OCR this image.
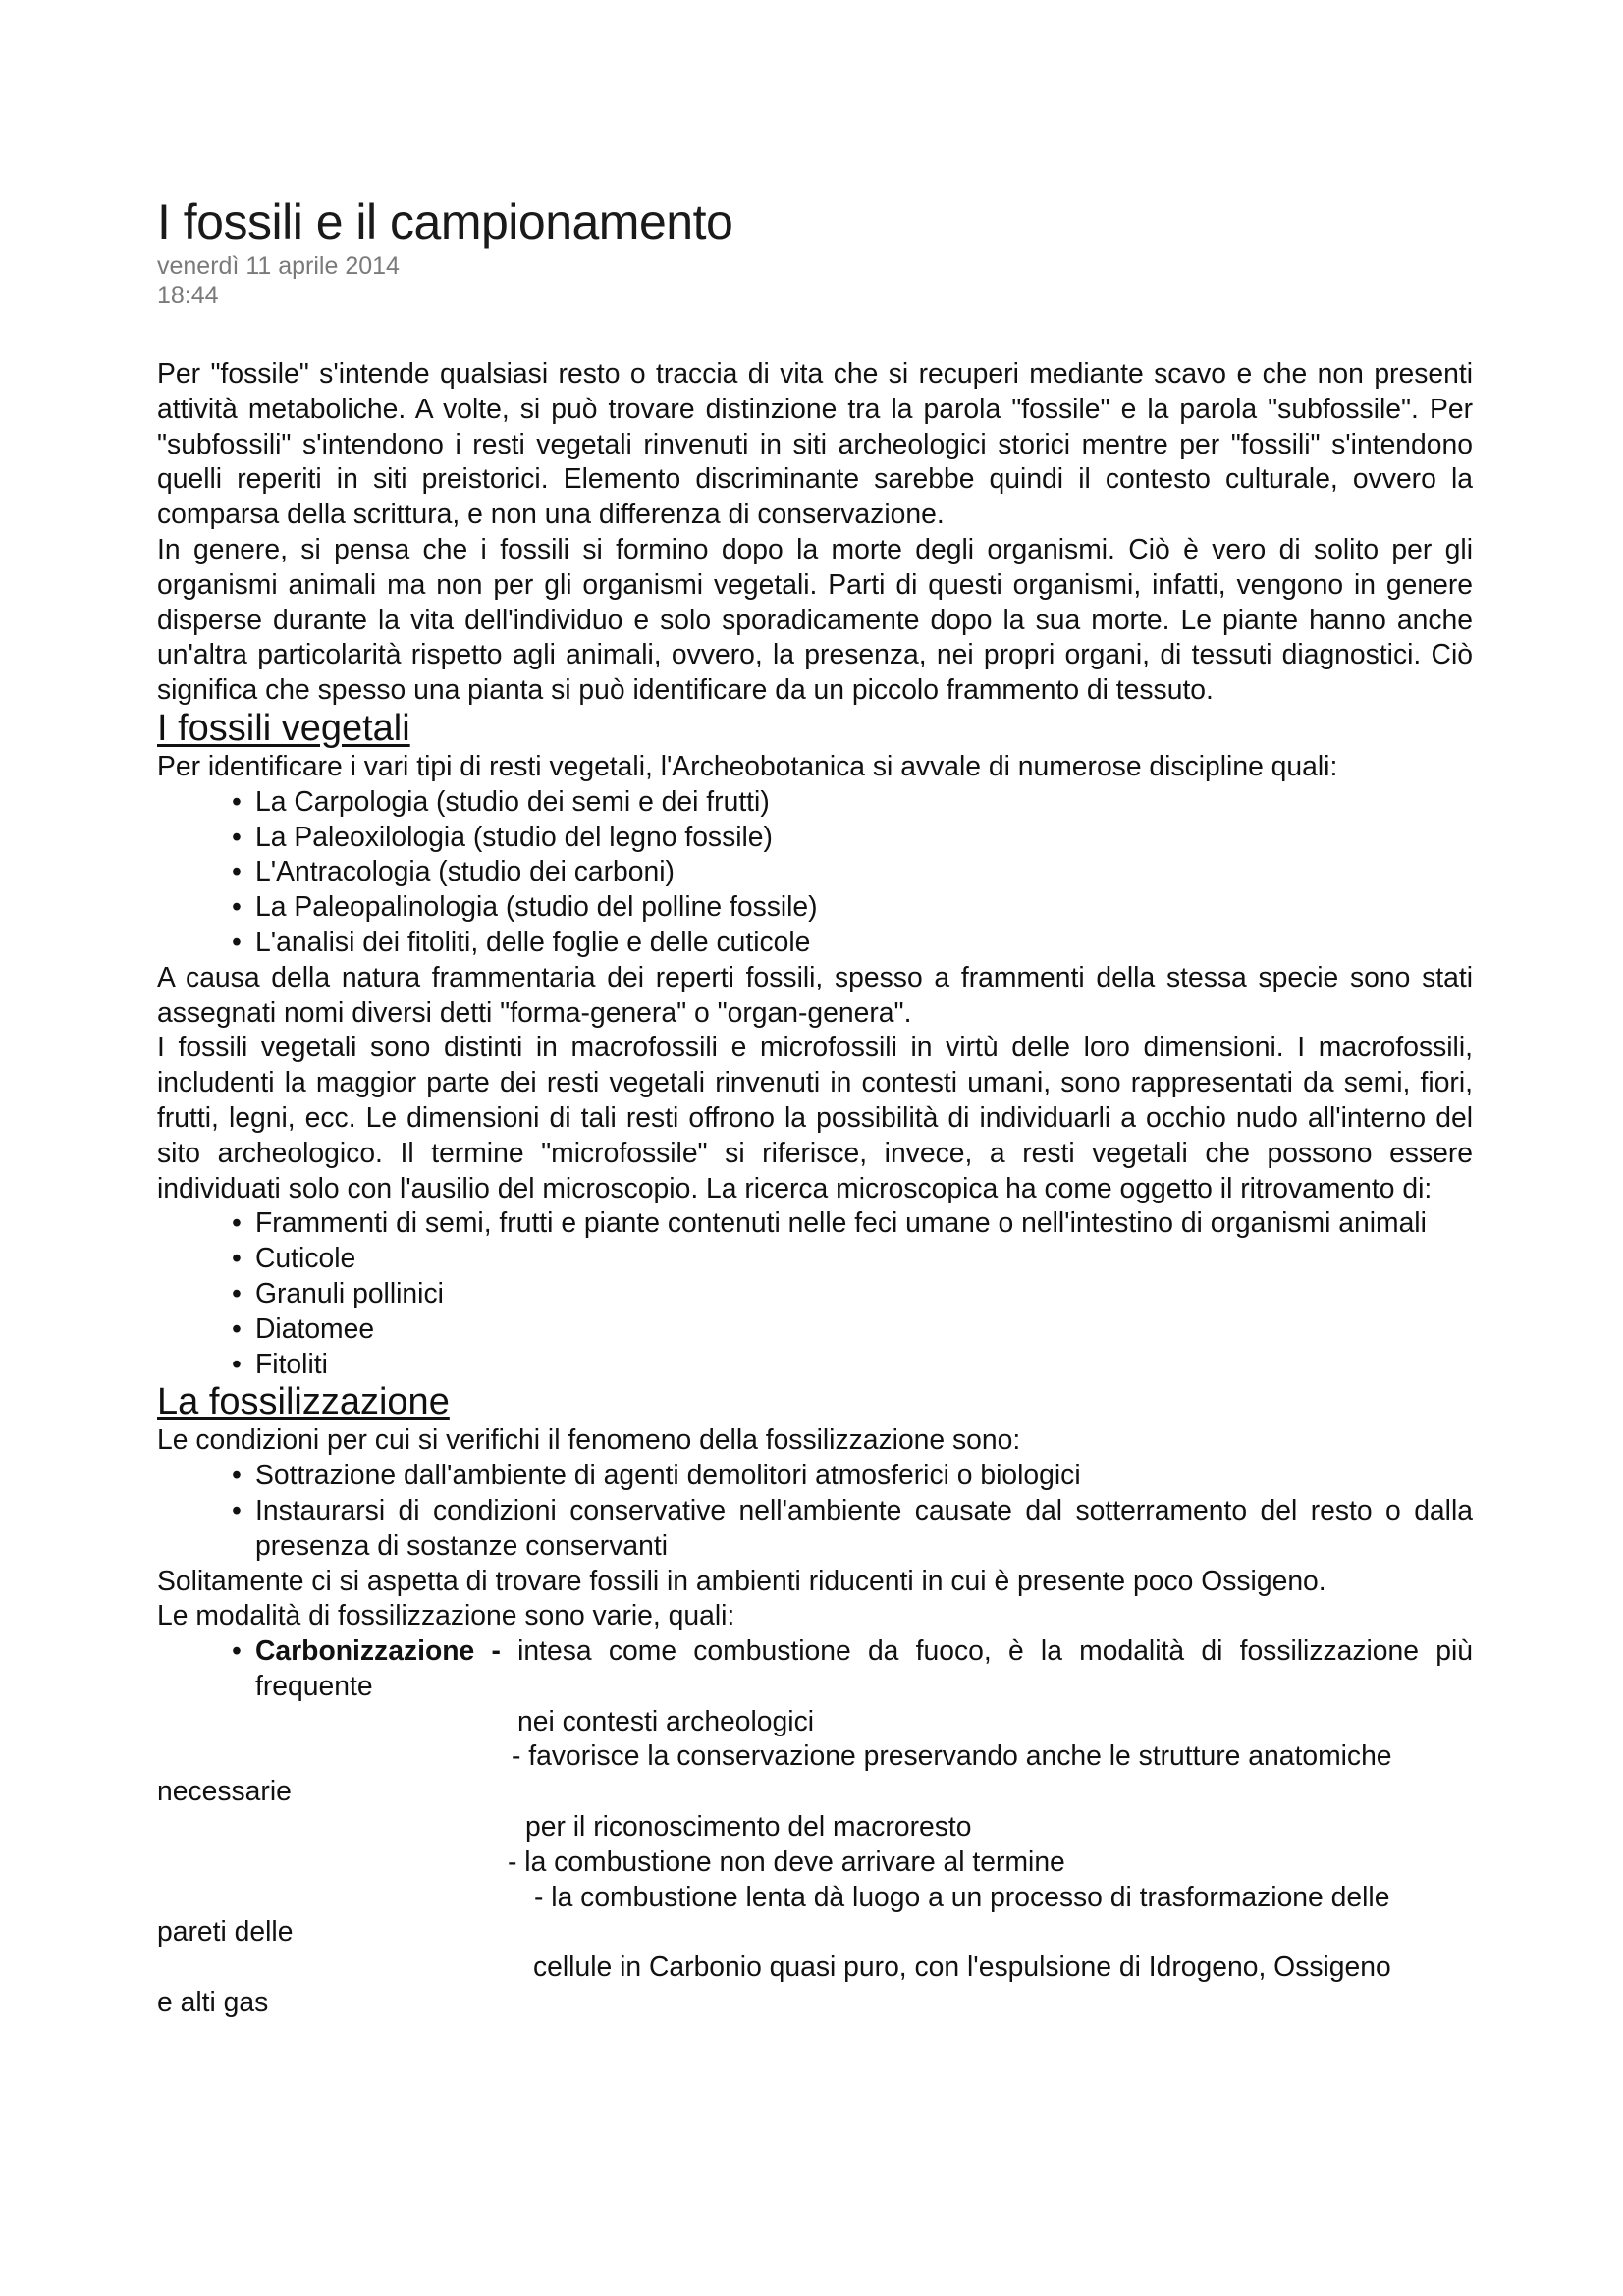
I fossili e il campionamento
venerdì 11 aprile 2014
18:44

Per "fossile" s'intende qualsiasi resto o traccia di vita che si recuperi mediante scavo e che non presenti attività metaboliche. A volte, si può trovare distinzione tra la parola "fossile" e la parola "subfossile". Per "subfossili" s'intendono i resti vegetali rinvenuti in siti archeologici storici mentre per "fossili" s'intendono quelli reperiti in siti preistorici. Elemento discriminante sarebbe quindi il contesto culturale, ovvero la comparsa della scrittura, e non una differenza di conservazione.

In genere, si pensa che i fossili si formino dopo la morte degli organismi. Ciò è vero di solito per gli organismi animali ma non per gli organismi vegetali. Parti di questi organismi, infatti, vengono in genere disperse durante la vita dell'individuo e solo sporadicamente dopo la sua morte. Le piante hanno anche un'altra particolarità rispetto agli animali, ovvero, la presenza, nei propri organi, di tessuti diagnostici. Ciò significa che spesso una pianta si può identificare da un piccolo frammento di tessuto.

I fossili vegetali

Per identificare i vari tipi di resti vegetali, l'Archeobotanica si avvale di numerose discipline quali:

• La Carpologia (studio dei semi e dei frutti)
• La Paleoxilologia (studio del legno fossile)
• L'Antracologia (studio dei carboni)
• La Paleopalinologia (studio del polline fossile)
• L'analisi dei fitoliti, delle foglie e delle cuticole

A causa della natura frammentaria dei reperti fossili, spesso a frammenti della stessa specie sono stati assegnati nomi diversi detti "forma-genera" o "organ-genera".

I fossili vegetali sono distinti in macrofossili e microfossili in virtù delle loro dimensioni. I macrofossili, includenti la maggior parte dei resti vegetali rinvenuti in contesti umani, sono rappresentati da semi, fiori, frutti, legni, ecc. Le dimensioni di tali resti offrono la possibilità di individuarli a occhio nudo all'interno del sito archeologico. Il termine "microfossile" si riferisce, invece, a resti vegetali che possono essere individuati solo con l'ausilio del microscopio. La ricerca microscopica ha come oggetto il ritrovamento di:

• Frammenti di semi, frutti e piante contenuti nelle feci umane o nell'intestino di organismi animali
• Cuticole
• Granuli pollinici
• Diatomee
• Fitoliti
La fossilizzazione

Le condizioni per cui si verifichi il fenomeno della fossilizzazione sono:

• Sottrazione dall'ambiente di agenti demolitori atmosferici o biologici
• Instaurarsi di condizioni conservative nell'ambiente causate dal sotterramento del resto o dalla presenza di sostanze conservanti

Solitamente ci si aspetta di trovare fossili in ambienti riducenti in cui è presente poco Ossigeno.

Le modalità di fossilizzazione sono varie, quali:

• Carbonizzazione - intesa come combustione da fuoco, è la modalità di fossilizzazione più frequente
nei contesti archeologici
- favorisce la conservazione preservando anche le strutture anatomiche
necessarie
per il riconoscimento del macroresto
- la combustione non deve arrivare al termine
- la combustione lenta dà luogo a un processo di trasformazione delle
pareti delle
cellule in Carbonio quasi puro, con l'espulsione di Idrogeno, Ossigeno
e alti gas
